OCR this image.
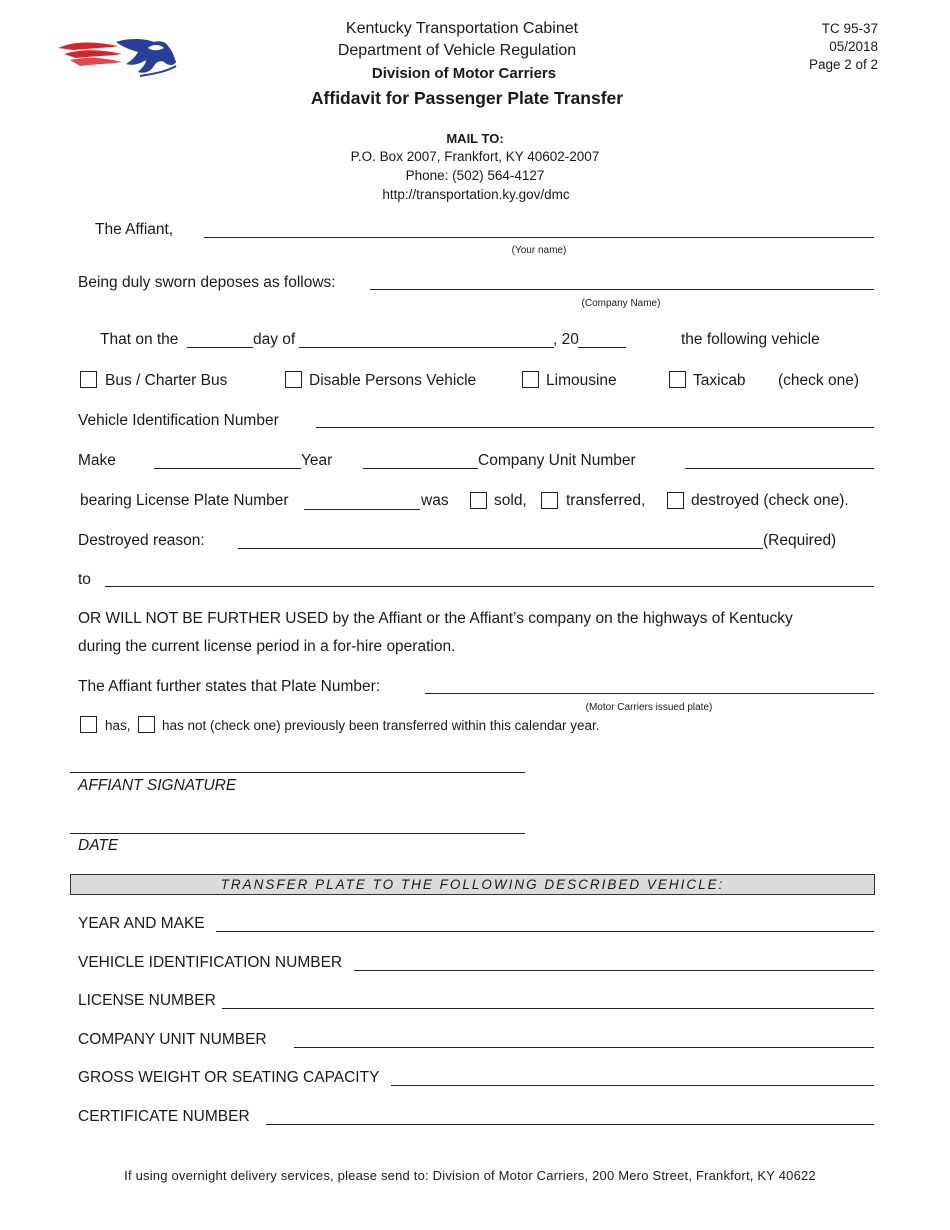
Kentucky Transportation Cabinet
Department of Vehicle Regulation
Division of Motor Carriers
Affidavit for Passenger Plate Transfer
TC 95-37
05/2018
Page 2 of 2
MAIL TO:
P.O. Box 2007, Frankfort, KY 40602-2007
Phone: (502) 564-4127
http://transportation.ky.gov/dmc
The Affiant,
(Your name)
Being duly sworn deposes as follows:
(Company Name)
That on the	day of	, 20	the following vehicle
Bus / Charter Bus	Disable Persons Vehicle	Limousine	Taxicab (check one)
Vehicle Identification Number
Make	Year	Company Unit Number
bearing License Plate Number	was	sold,	transferred,	destroyed (check one).
Destroyed reason:	(Required)
to
OR WILL NOT BE FURTHER USED by the Affiant or the Affiant’s company on the highways of Kentucky
during the current license period in a for-hire operation.
The Affiant further states that Plate Number:
(Motor Carriers issued plate)
has, has not (check one) previously been transferred within this calendar year.
AFFIANT SIGNATURE
DATE
TRANSFER PLATE TO THE FOLLOWING DESCRIBED VEHICLE:
YEAR AND MAKE
VEHICLE IDENTIFICATION NUMBER
LICENSE NUMBER
COMPANY UNIT NUMBER
GROSS WEIGHT OR SEATING CAPACITY
CERTIFICATE NUMBER
If using overnight delivery services, please send to: Division of Motor Carriers, 200 Mero Street, Frankfort, KY 40622
